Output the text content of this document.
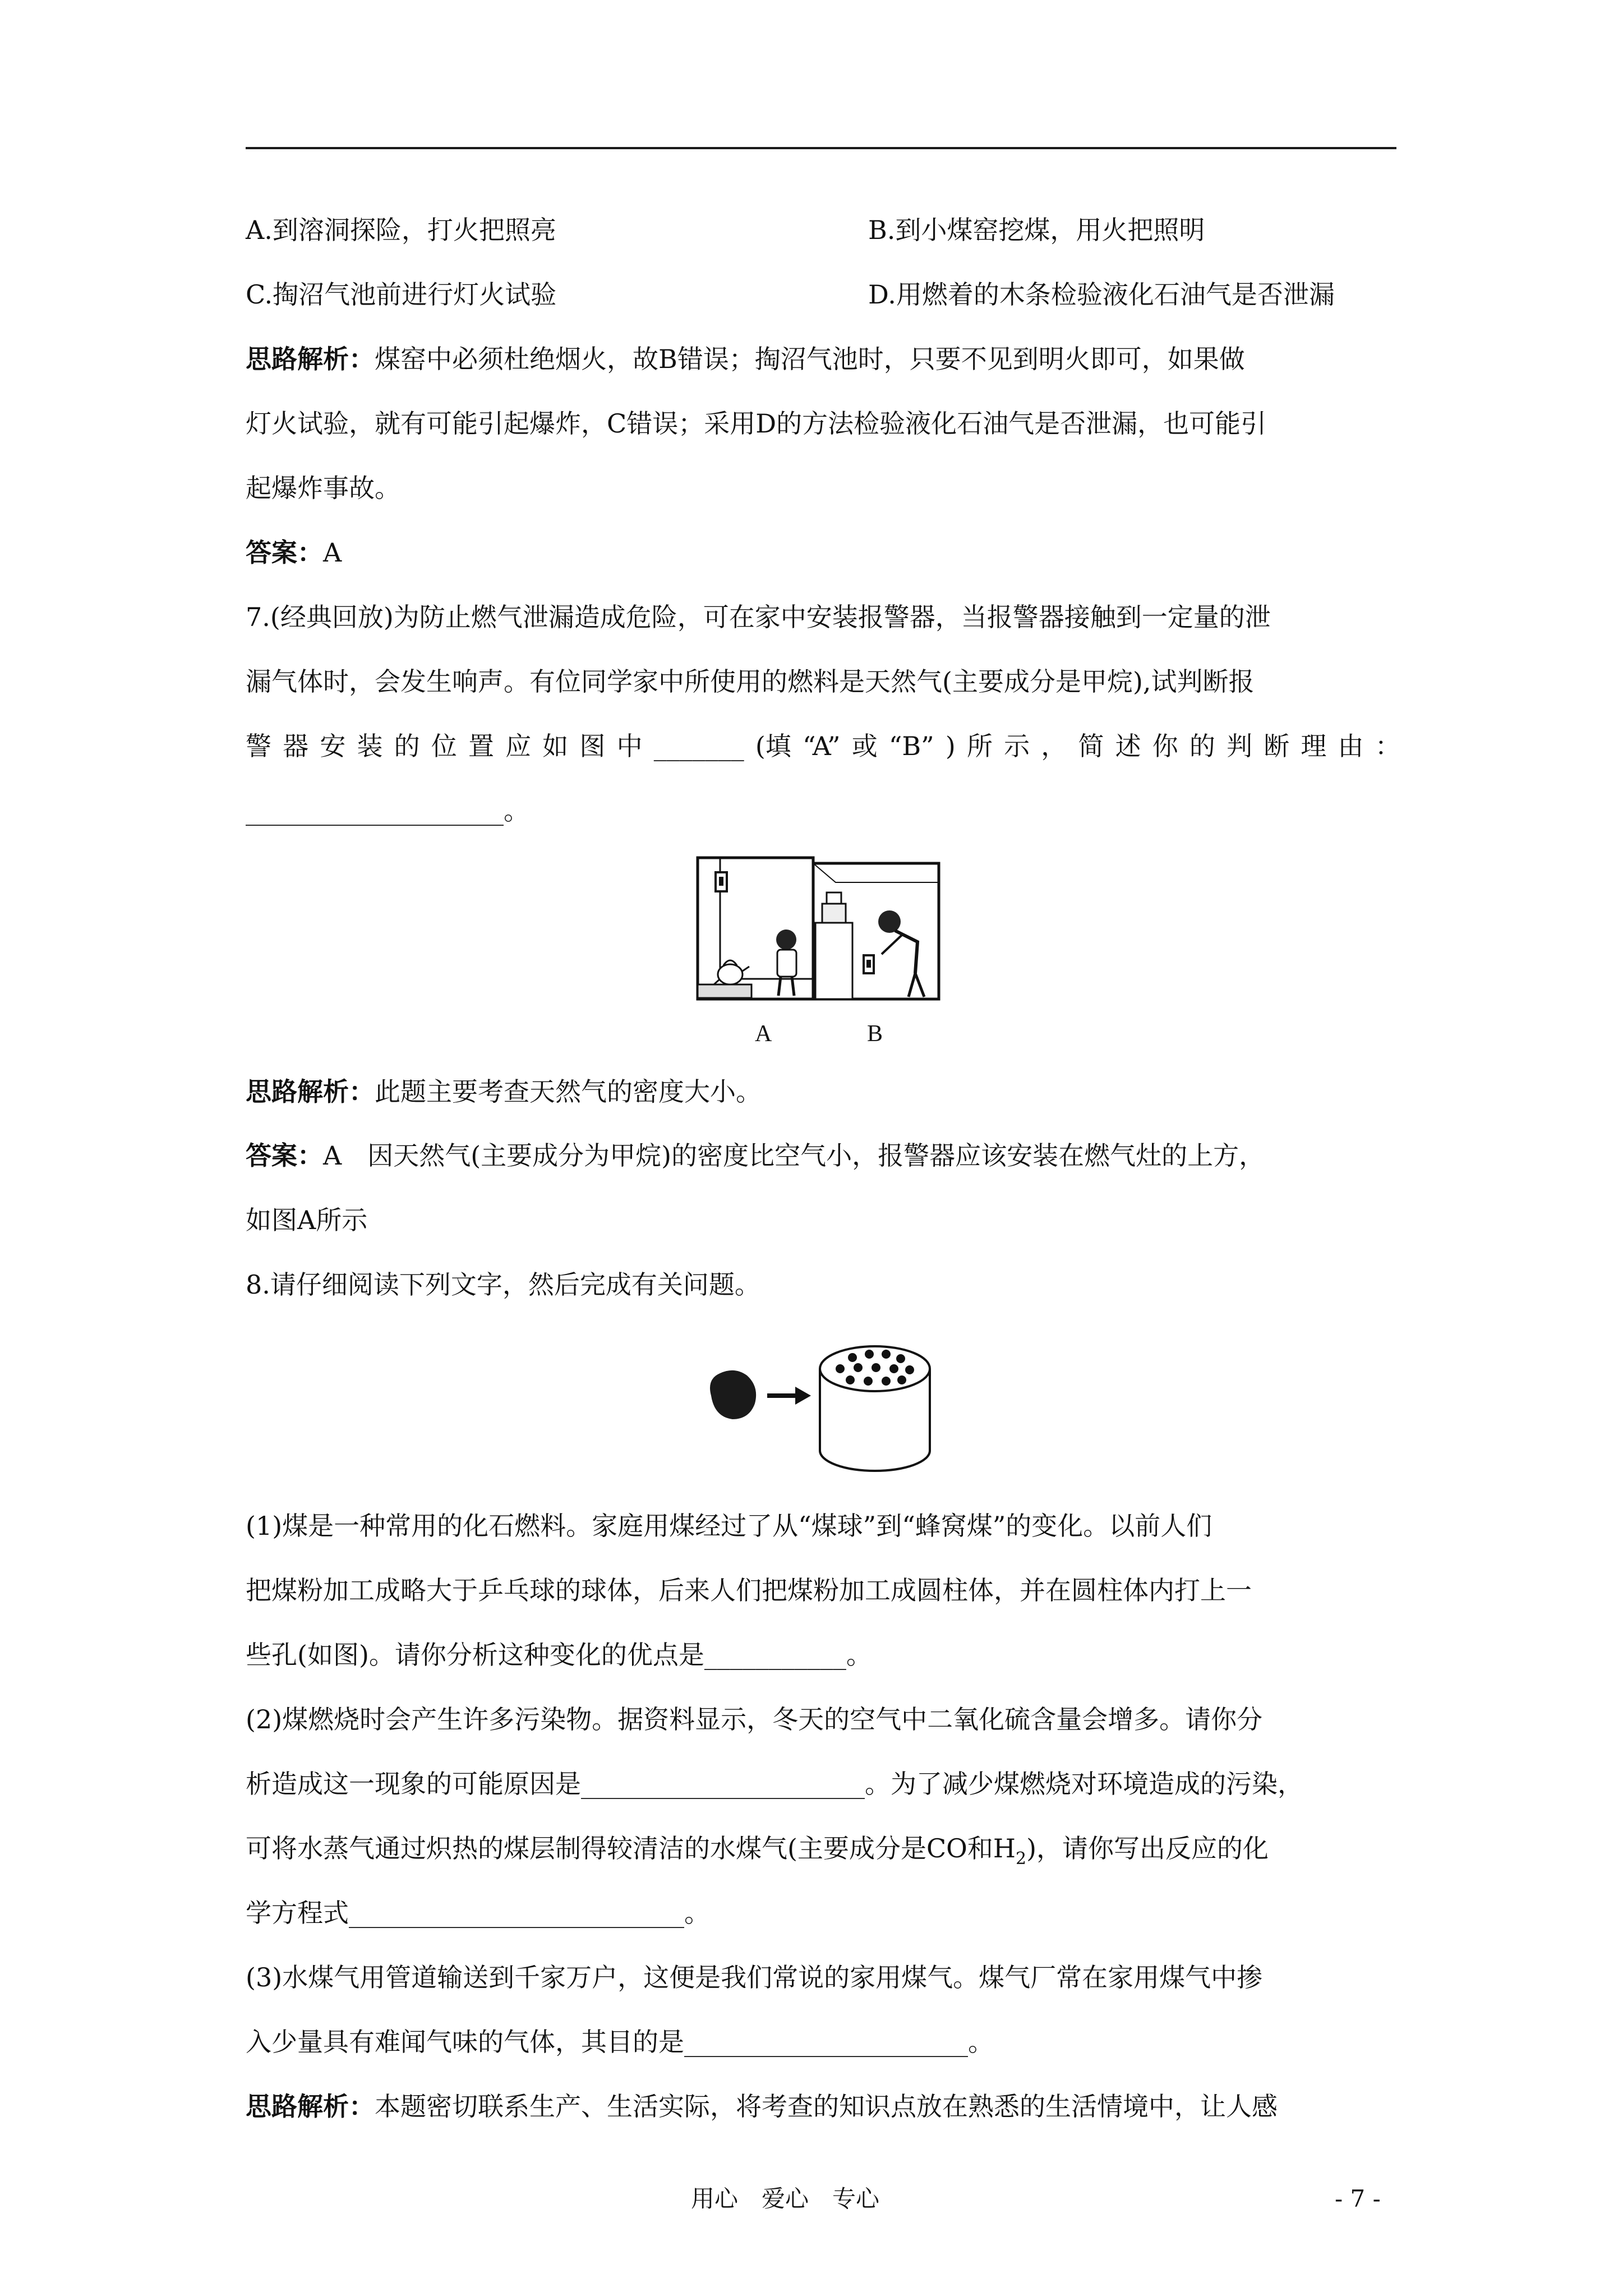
A.到溶洞探险，打火把照亮	B.到小煤窑挖煤，用火把照明
C.掏沼气池前进行灯火试验	D.用燃着的木条检验液化石油气是否泄漏
思路解析：煤窑中必须杜绝烟火，故B错误；掏沼气池时，只要不见到明火即可，如果做
灯火试验，就有可能引起爆炸，C错误；采用D的方法检验液化石油气是否泄漏，也可能引
起爆炸事故。
答案：A
7.(经典回放)为防止燃气泄漏造成危险，可在家中安装报警器，当报警器接触到一定量的泄
漏气体时，会发生响声。有位同学家中所使用的燃料是天然气(主要成分是甲烷),试判断报
警 器 安 装 的 位 置 应 如 图 中 _______ (填 “A” 或 “B” ) 所 示 ， 简 述 你 的 判 断 理 由 ：
____________________。
A	B
思路解析：此题主要考查天然气的密度大小。
答案：A　因天然气(主要成分为甲烷)的密度比空气小，报警器应该安装在燃气灶的上方，
如图A所示
8.请仔细阅读下列文字，然后完成有关问题。
(1)煤是一种常用的化石燃料。家庭用煤经过了从“煤球”到“蜂窝煤”的变化。以前人们
把煤粉加工成略大于乒乓球的球体，后来人们把煤粉加工成圆柱体，并在圆柱体内打上一
些孔(如图)。请你分析这种变化的优点是___________。
(2)煤燃烧时会产生许多污染物。据资料显示，冬天的空气中二氧化硫含量会增多。请你分
析造成这一现象的可能原因是______________________。为了减少煤燃烧对环境造成的污染，
可将水蒸气通过炽热的煤层制得较清洁的水煤气(主要成分是CO和$H_2$)，请你写出反应的化
学方程式__________________________。
(3)水煤气用管道输送到千家万户，这便是我们常说的家用煤气。煤气厂常在家用煤气中掺
入少量具有难闻气味的气体，其目的是______________________。
思路解析：本题密切联系生产、生活实际，将考查的知识点放在熟悉的生活情境中，让人感
用心　爱心　专心	- 7 -
